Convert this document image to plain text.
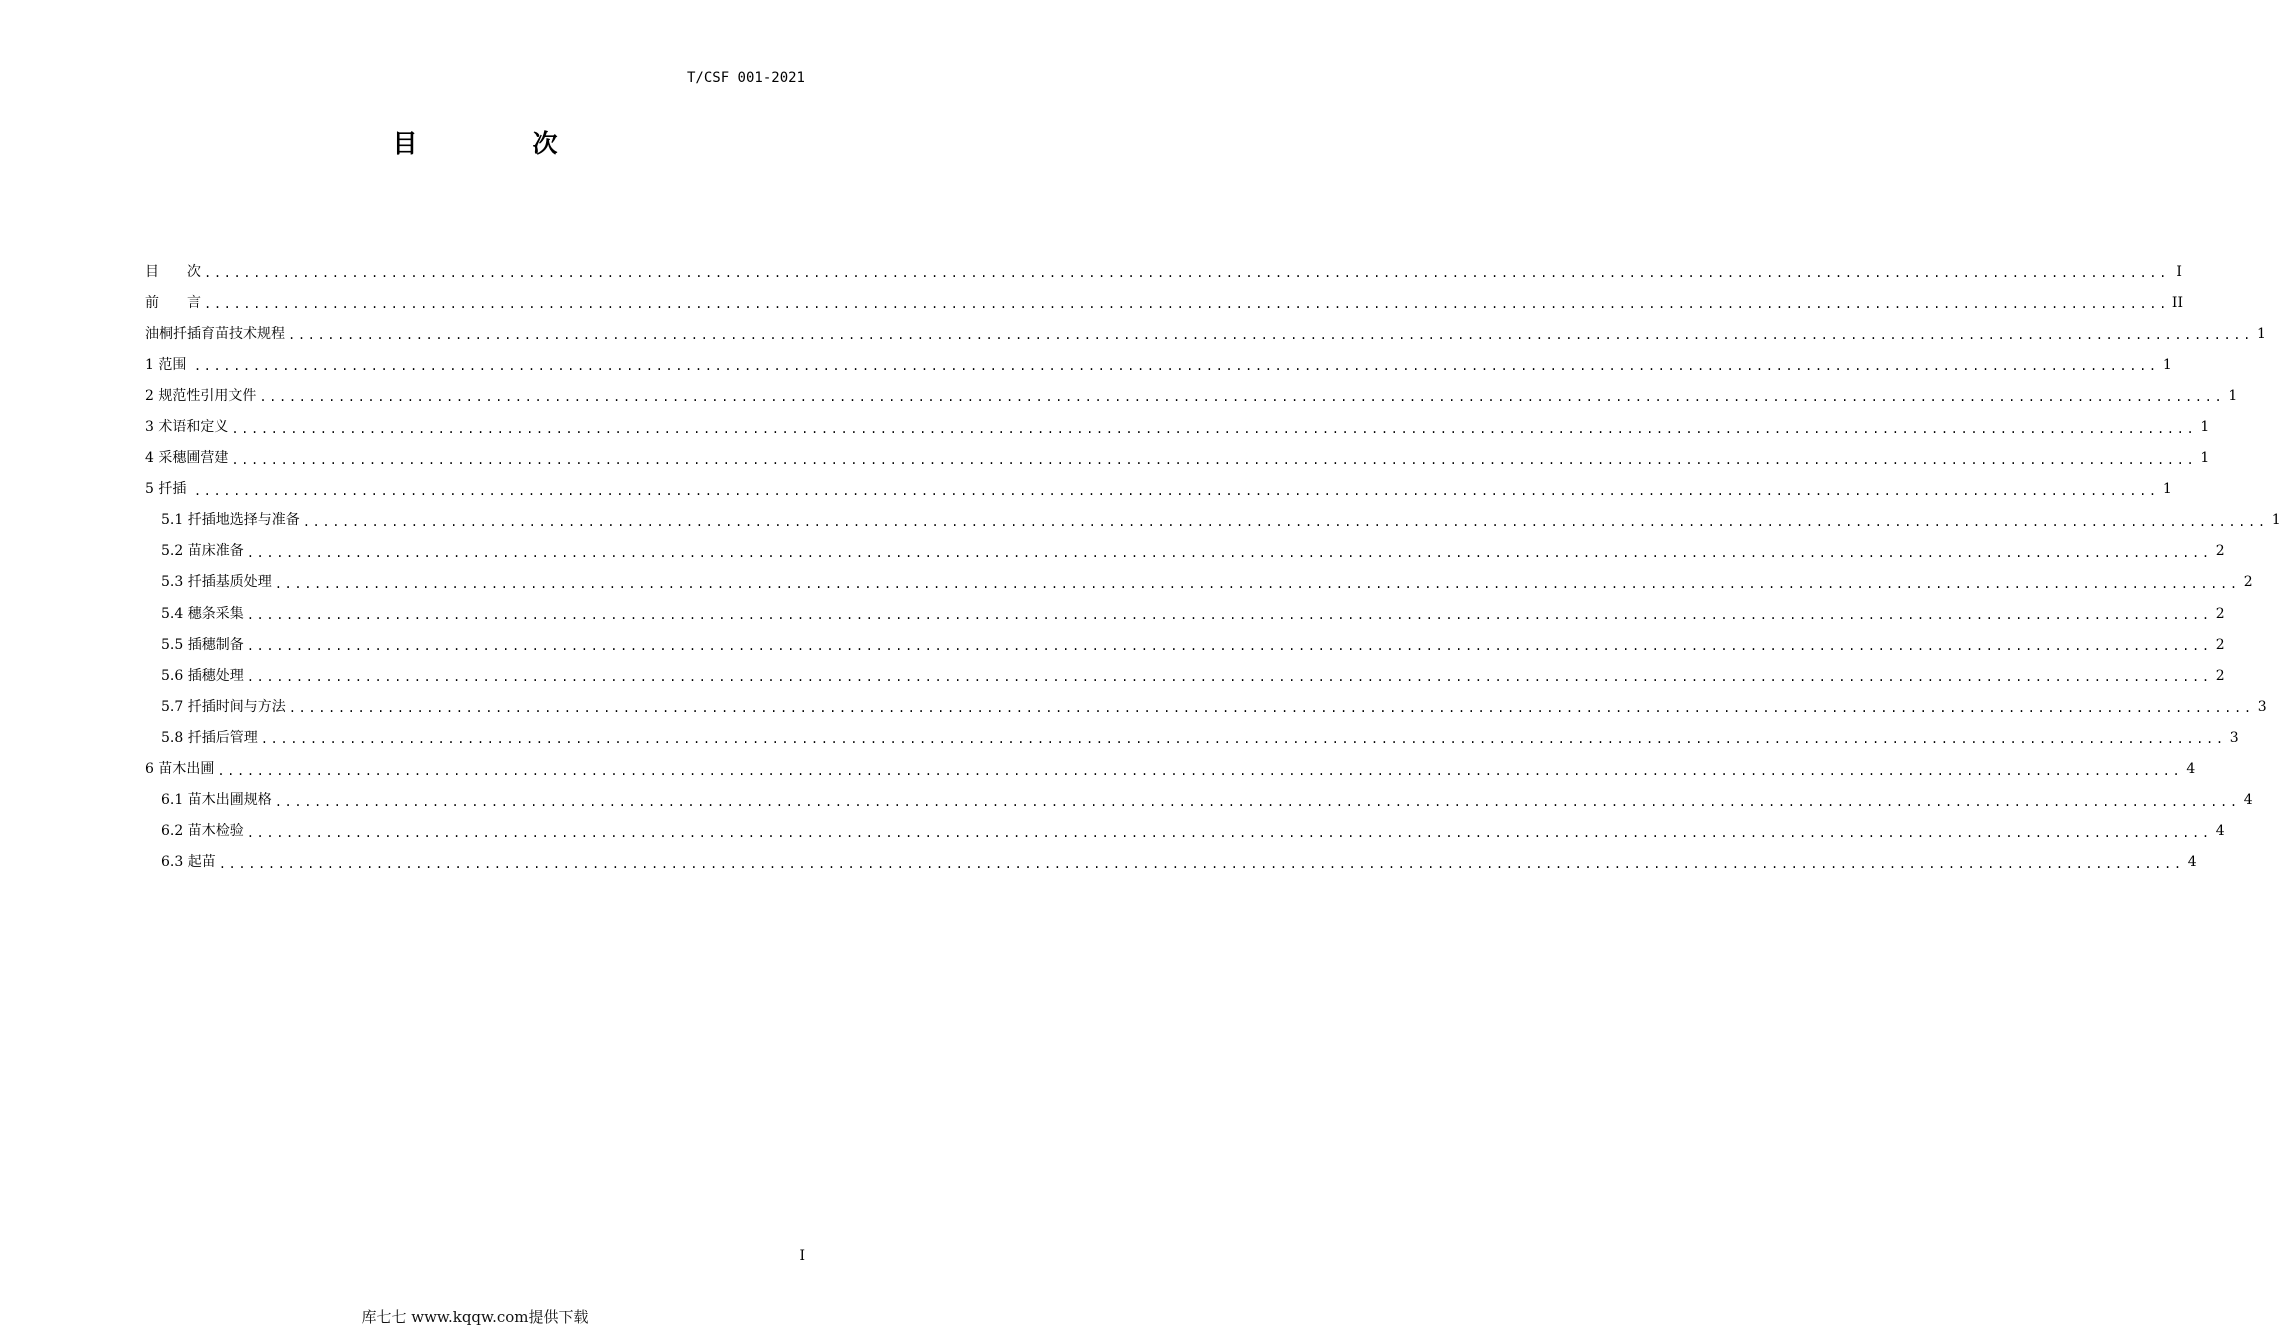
T/CSF 001-2021
目　次
目　　次 ........................................................................................................................................................................................................ I
前　　言 ........................................................................................................................................................................................................ II
油桐扦插育苗技术规程 ........................................................................................................................................................................................................ 1
1 范围 ........................................................................................................................................................................................................ 1
2 规范性引用文件 ........................................................................................................................................................................................................ 1
3 术语和定义 ........................................................................................................................................................................................................ 1
4 采穗圃营建 ........................................................................................................................................................................................................ 1
5 扦插 ........................................................................................................................................................................................................ 1
5.1 扦插地选择与准备 ........................................................................................................................................................................................................ 1
5.2 苗床准备 ........................................................................................................................................................................................................ 2
5.3 扦插基质处理 ........................................................................................................................................................................................................ 2
5.4 穗条采集 ........................................................................................................................................................................................................ 2
5.5 插穗制备 ........................................................................................................................................................................................................ 2
5.6 插穗处理 ........................................................................................................................................................................................................ 2
5.7 扦插时间与方法 ........................................................................................................................................................................................................ 3
5.8 扦插后管理 ........................................................................................................................................................................................................ 3
6 苗木出圃 ........................................................................................................................................................................................................ 4
6.1 苗木出圃规格 ........................................................................................................................................................................................................ 4
6.2 苗木检验 ........................................................................................................................................................................................................ 4
6.3 起苗 ........................................................................................................................................................................................................ 4
I
库七七 www.kqqw.com提供下载
